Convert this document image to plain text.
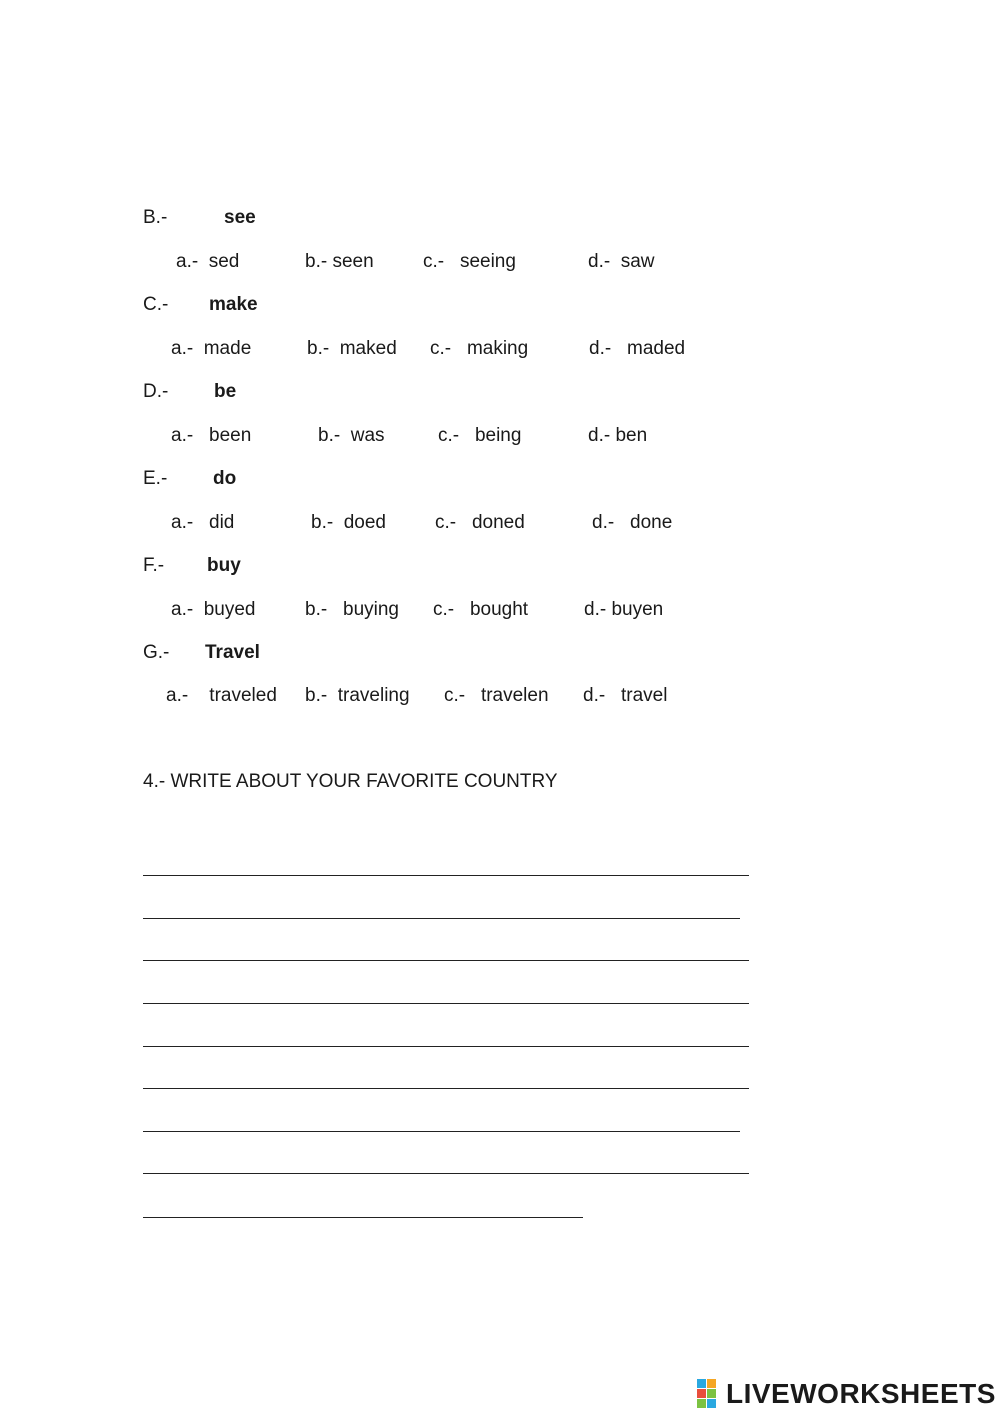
B.-	see
a.-  sed	b.- seen	c.-   seeing	d.-  saw
C.- make
a.-  made	b.-  maked c.-   making	d.-   maded
D.- be
a.-   been	b.-  was	c.-   being	d.- ben
E.- do
a.-   did	b.-  doed	c.-   doned	d.-   done
F.- buy
a.-  buyed	b.-   buying c.-   bought	d.- buyen
G.- Travel
a.-    traveled b.-  traveling c.-   travelen d.-   travel
4.- WRITE ABOUT YOUR FAVORITE COUNTRY
LIVEWORKSHEETS
